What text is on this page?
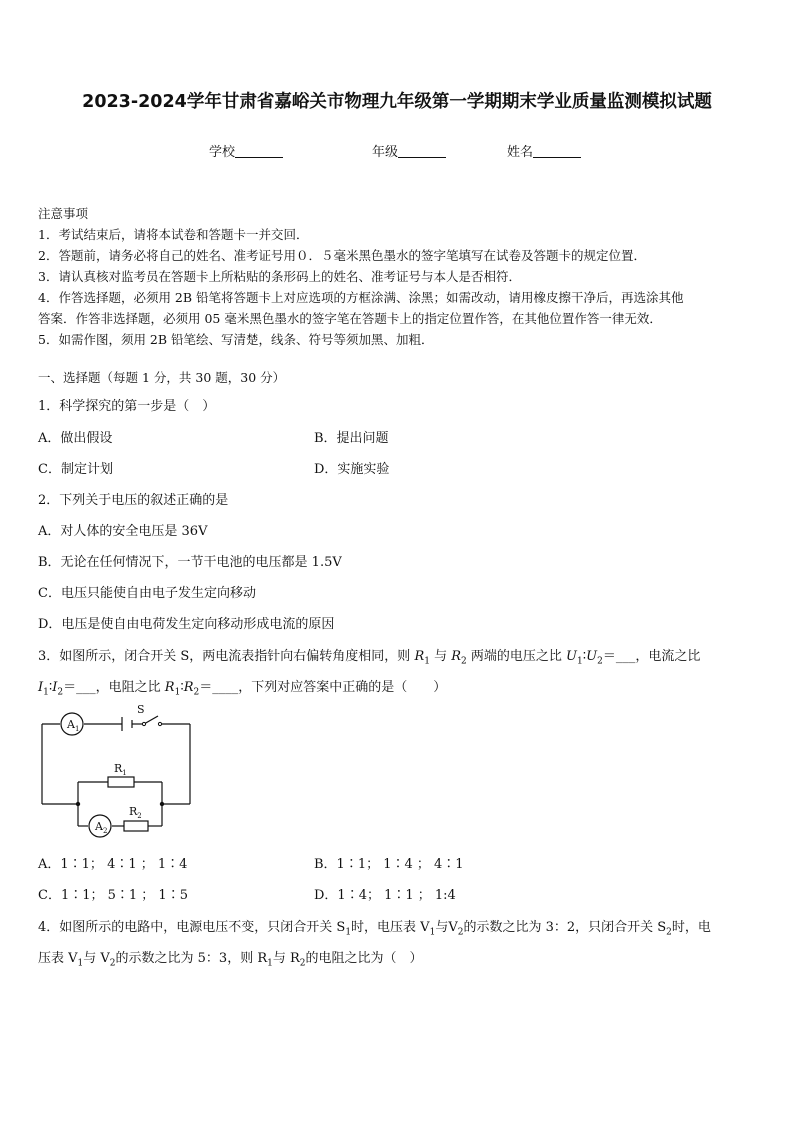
2023-2024学年甘肃省嘉峪关市物理九年级第一学期期末学业质量监测模拟试题
学校	年级	姓名

注意事项

1．考试结束后，请将本试卷和答题卡一并交回．

2．答题前，请务必将自己的姓名、准考证号用０．５毫米黑色墨水的签字笔填写在试卷及答题卡的规定位置．

3．请认真核对监考员在答题卡上所粘贴的条形码上的姓名、准考证号与本人是否相符．

4．作答选择题，必须用 2B 铅笔将答题卡上对应选项的方框涂满、涂黑；如需改动，请用橡皮擦干净后，再选涂其他

答案．作答非选择题，必须用 05 毫米黑色墨水的签字笔在答题卡上的指定位置作答，在其他位置作答一律无效．

5．如需作图，须用 2B 铅笔绘、写清楚，线条、符号等须加黑、加粗．

一、选择题（每题 1 分，共 30 题，30 分）
1．科学探究的第一步是（　）
A．做出假设	B．提出问题
C．制定计划	D．实施实验
2．下列关于电压的叙述正确的是
A．对人体的安全电压是 36V
B．无论在任何情况下，一节干电池的电压都是 1.5V
C．电压只能使自由电子发生定向移动
D．电压是使自由电荷发生定向移动形成电流的原因
3．如图所示，闭合开关 S，两电流表指针向右偏转角度相同，则 $R_1$ 与 $R_2$ 两端的电压之比 $U_1∶U_2=\_\_\_$，电流之比
$I_1∶I_2=\_\_\_$，电阻之比 $R_1∶R_2=\_\_\_\_$，下列对应答案中正确的是（　　）
$A_1$
$A_2$
S
$R_1$
$R_2$
A．1∶1； 4∶1 ； 1∶4	B．1∶1； 1∶4 ； 4∶1
C．1∶1； 5∶1 ； 1∶5	D．1∶4； 1∶1 ； 1:4
4．如图所示的电路中，电源电压不变，只闭合开关 $S_1$时，电压表 $V_1$与$V_2$的示数之比为 3：2，只闭合开关 $S_2$时，电
压表 $V_1$与 $V_2$的示数之比为 5：3，则 $R_1$与 $R_2$的电阻之比为（　）
